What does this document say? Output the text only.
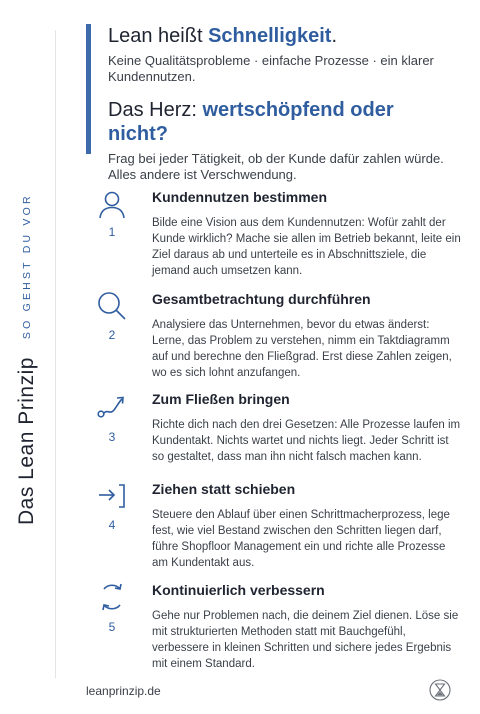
Lean heißt Schnelligkeit.
Keine Qualitätsprobleme · einfache Prozesse · ein klarer Kundennutzen.
Das Herz: wertschöpfend oder nicht?
Frag bei jeder Tätigkeit, ob der Kunde dafür zahlen würde. Alles andere ist Verschwendung.
Das Lean Prinzip
SO GEHST DU VOR	1
Kundennutzen bestimmen
Bilde eine Vision aus dem Kundennutzen: Wofür zahlt der Kunde wirklich? Mache sie allen im Betrieb bekannt, leite ein Ziel daraus ab und unterteile es in Abschnittsziele, die jemand auch umsetzen kann.
2
Gesamtbetrachtung durchführen
Analysiere das Unternehmen, bevor du etwas änderst: Lerne, das Problem zu verstehen, nimm ein Taktdiagramm auf und berechne den Fließgrad. Erst diese Zahlen zeigen, wo es sich lohnt anzufangen.
3
Zum Fließen bringen
Richte dich nach den drei Gesetzen: Alle Prozesse laufen im Kundentakt. Nichts wartet und nichts liegt. Jeder Schritt ist so gestaltet, dass man ihn nicht falsch machen kann.
4
Ziehen statt schieben
Steuere den Ablauf über einen Schrittmacherprozess, lege fest, wie viel Bestand zwischen den Schritten liegen darf, führe Shopfloor Management ein und richte alle Prozesse am Kundentakt aus.
5
Kontinuierlich verbessern
Gehe nur Problemen nach, die deinem Ziel dienen. Löse sie mit strukturierten Methoden statt mit Bauchgefühl, verbessere in kleinen Schritten und sichere jedes Ergebnis mit einem Standard.
leanprinzip.de
